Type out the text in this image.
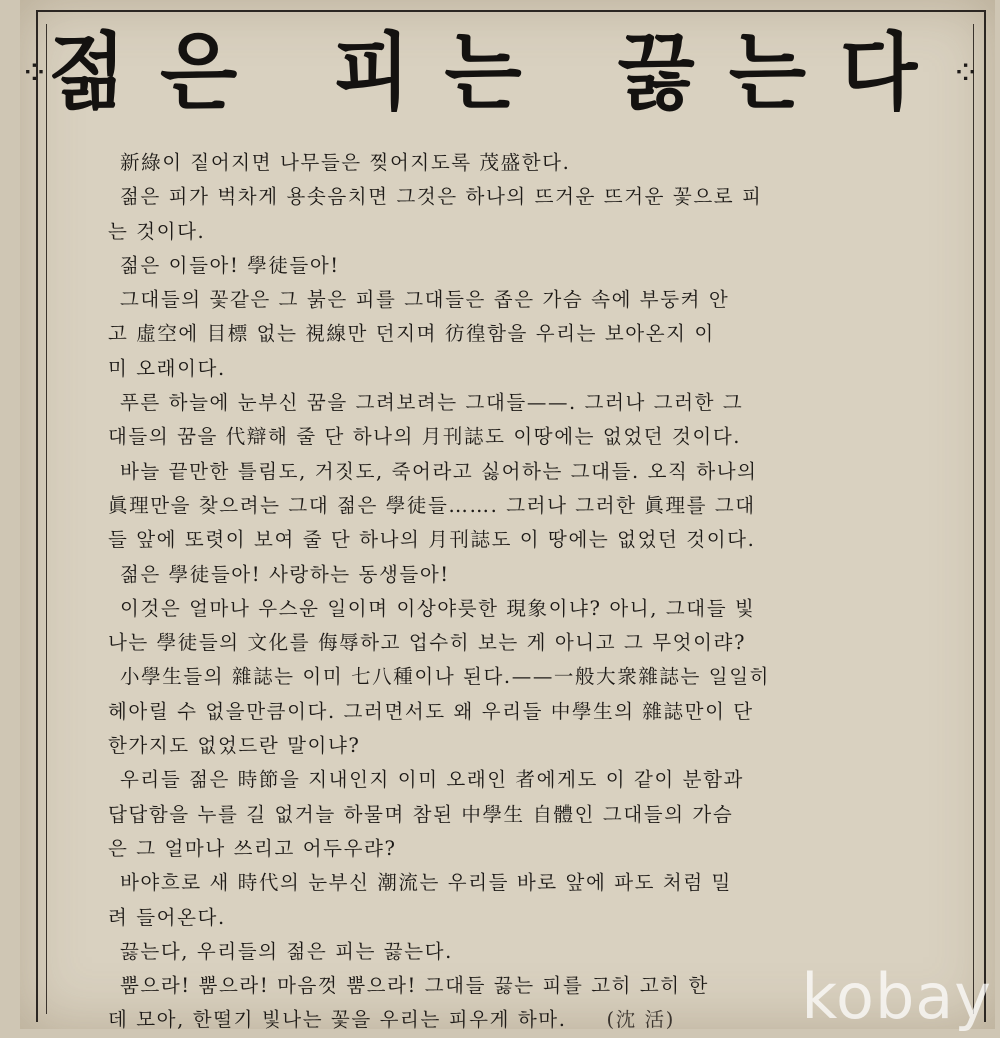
⁘ 젊은 피는 끓는다 ⁘
新綠이 짙어지면 나무들은 찢어지도록 茂盛한다.
젊은 피가 벅차게 용솟음치면 그것은 하나의 뜨거운 뜨거운 꽃으로 피
는 것이다.
젊은 이들아! 學徒들아!
그대들의 꽃같은 그 붉은 피를 그대들은 좁은 가슴 속에 부둥켜 안
고 虛空에 目標 없는 視線만 던지며 彷徨함을 우리는 보아온지 이
미 오래이다.
푸른 하늘에 눈부신 꿈을 그려보려는 그대들——. 그러나 그러한 그
대들의 꿈을 代辯해 줄 단 하나의 月刊誌도 이땅에는 없었던 것이다.
바늘 끝만한 틀림도, 거짓도, 죽어라고 싫어하는 그대들. 오직 하나의
眞理만을 찾으려는 그대 젊은 學徒들……. 그러나 그러한 眞理를 그대
들 앞에 또렷이 보여 줄 단 하나의 月刊誌도 이 땅에는 없었던 것이다.
젊은 學徒들아! 사랑하는 동생들아!
이것은 얼마나 우스운 일이며 이상야릇한 現象이냐? 아니, 그대들 빛
나는 學徒들의 文化를 侮辱하고 업수히 보는 게 아니고 그 무엇이랴?
小學生들의 雜誌는 이미 七八種이나 된다.——一般大衆雜誌는 일일히
헤아릴 수 없을만큼이다. 그러면서도 왜 우리들 中學生의 雜誌만이 단
한가지도 없었드란 말이냐?
우리들 젊은 時節을 지내인지 이미 오래인 者에게도 이 같이 분함과
답답함을 누를 길 없거늘 하물며 참된 中學生 自體인 그대들의 가슴
은 그 얼마나 쓰리고 어두우랴?
바야흐로 새 時代의 눈부신 潮流는 우리들 바로 앞에 파도 처럼 밀
려 들어온다.
끓는다, 우리들의 젊은 피는 끓는다.
뿜으라! 뿜으라! 마음껏 뿜으라! 그대들 끓는 피를 고히 고히 한
데 모아, 한떨기 빛나는 꽃을 우리는 피우게 하마. (沈 活)	kobay
